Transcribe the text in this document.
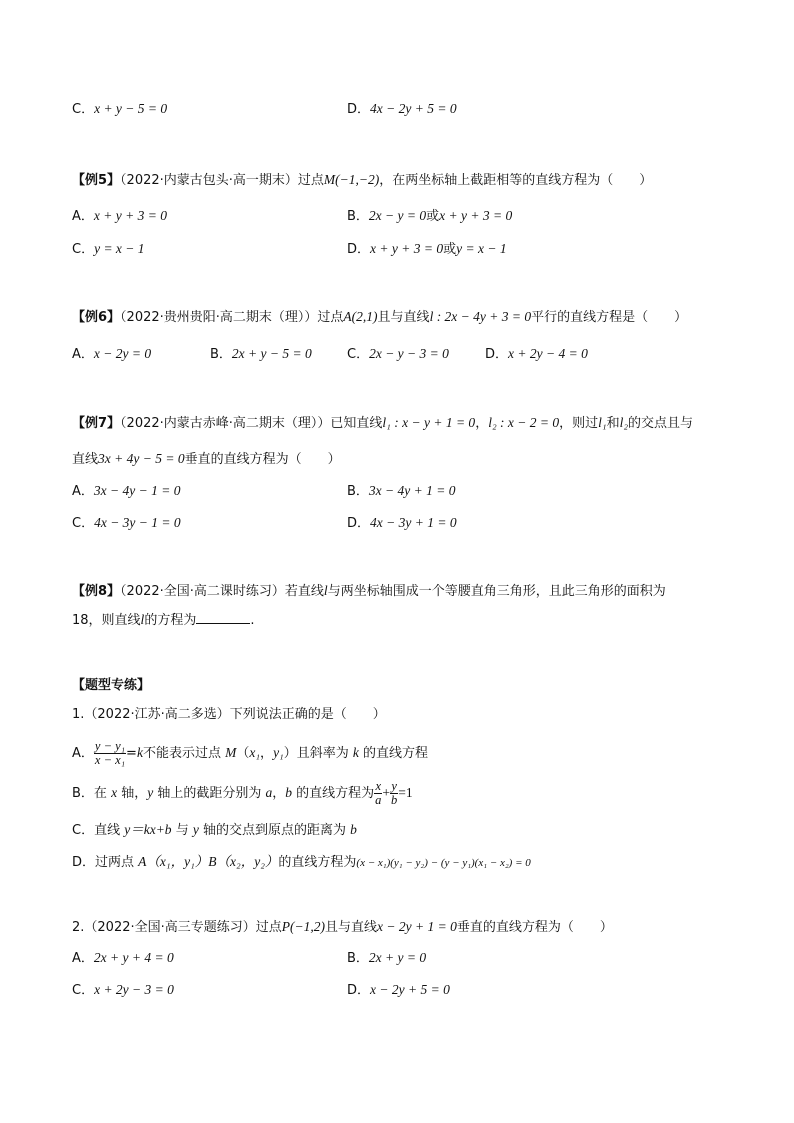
C．x + y − 5 = 0	D．4x − 2y + 5 = 0
【例5】（2022·内蒙古包头·高一期末）过点M(−1,−2)，在两坐标轴上截距相等的直线方程为（　　）
A．x + y + 3 = 0	B．2x − y = 0或x + y + 3 = 0
C．y = x − 1	D．x + y + 3 = 0或y = x − 1
【例6】（2022·贵州贵阳·高二期末（理））过点A(2,1)且与直线l : 2x − 4y + 3 = 0平行的直线方程是（　　）
A．x − 2y = 0	B．2x + y − 5 = 0	C．2x − y − 3 = 0	D．x + 2y − 4 = 0
【例7】（2022·内蒙古赤峰·高二期末（理））已知直线l₁ : x − y + 1 = 0，l₂ : x − 2 = 0，则过l₁和l₂的交点且与
直线3x + 4y − 5 = 0垂直的直线方程为（　　）
A．3x − 4y − 1 = 0	B．3x − 4y + 1 = 0
C．4x − 3y − 1 = 0	D．4x − 3y + 1 = 0
【例8】（2022·全国·高二课时练习）若直线l与两坐标轴围成一个等腰直角三角形，且此三角形的面积为
18，则直线l的方程为	.
【题型专练】
1.（2022·江苏·高二多选）下列说法正确的是（　　）
A． $\frac{\text{y − y₁}}{\text{x − x₁}} =k$不能表示过点 M（x₁，y₁）且斜率为 k 的直线方程
B．在 x 轴，y 轴上的截距分别为 a，b 的直线方程为 $\frac{x}{a} + \frac{y}{b} =1$
C．直线 y＝kx+b 与 y 轴的交点到原点的距离为 b
D．过两点 A（x₁，y₁）B（x₂，y₂）的直线方程为(x − x₁)(y₁ − y₂) − (y − y₁)(x₁ − x₂) = 0
2.（2022·全国·高三专题练习）过点P(−1,2)且与直线x − 2y + 1 = 0垂直的直线方程为（　　）
A．2x + y + 4 = 0	B．2x + y = 0
C．x + 2y − 3 = 0	D．x − 2y + 5 = 0
